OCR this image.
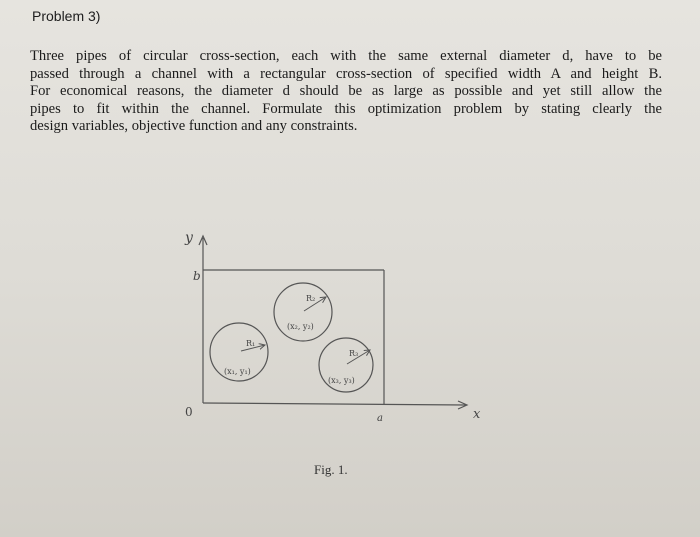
Problem 3)
Three pipes of circular cross-section, each with the same external diameter d, have to be
passed through a channel with a rectangular cross-section of specified width A and height B.
For economical reasons, the diameter d should be as large as possible and yet still allow the
pipes to fit within the channel. Formulate this optimization problem by stating clearly the
design variables, objective function and any constraints.
R₁
(x₁, y₁)
R₂
(x₂, y₂)
R₃
(x₃, y₃)
y
b
0	a	x
Fig. 1.
